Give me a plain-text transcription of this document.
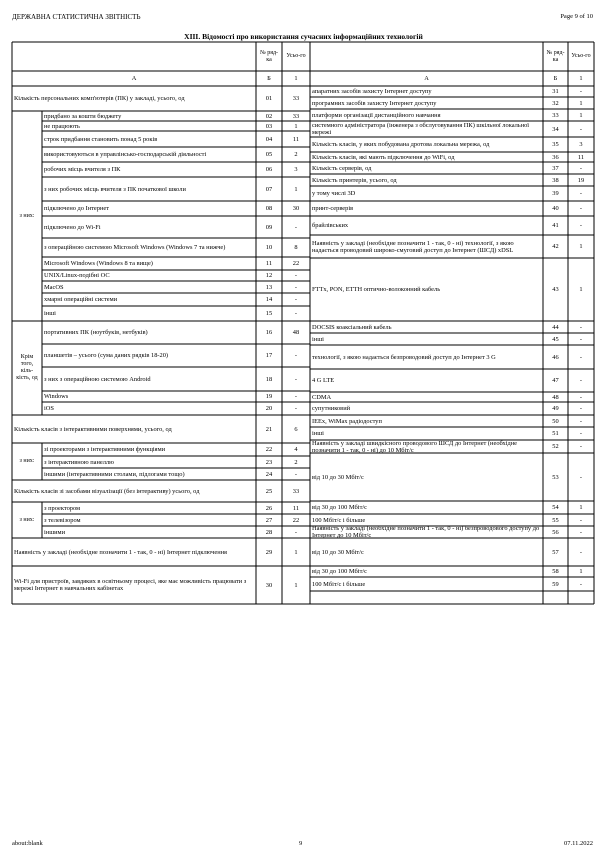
ДЕРЖАВНА СТАТИСТИЧНА ЗВІТНІСТЬ	Page 9 of 10
XIII. Відомості про використання сучасних інформаційних технологій
№ ряд-ка
Усьо-го
№ ряд-ка
Усьо-го
А	Б	1	А	Б	1
з них:
Крім того, кіль-кість, од
з них:
з них:
Кількість персональних комп'ютерів (ПК) у закладі, усього, од	01	33
придбано за кошти бюджету	02	33
не працюють	03	1
строк придбання становить понад 5 років	04	11
використовуються в управлінсько-господарській діяльності	05	2
робочих місць вчителя з ПК	06	3
з них робочих місць вчителя з ПК початкової школи	07	1
підключено до Інтернет	08	30
підключено до Wi-Fi	09	-
з операційною системою Microsoft Windows (Windows 7 та нижче)	10	8
Microsoft Windows (Windows 8 та вище)	11	22
UNIX/Linux-подібні ОС	12	-
MacOS	13	-
хмарні операційні системи	14	-
інші	15	-
портативних ПК (ноутбуків, нетбуків)	16	48
планшетів – усього (сума даних рядків 18-20)	17	-
з них з операційною системою Android	18	-
Windows	19	-
iOS	20	-
Кількість класів з інтерактивними поверхнями, усього, од	21	6
зі проекторами з інтерактивними функціями	22	4
з інтерактивною панеллю	23	2
іншими (інтерактивними столами, підлогами тощо)	24	-
Кількість класів зі засобами візуалізації (без інтерактиву) усього, од	25	33
з проектором	26	11
з телевізором	27	22
іншими	28	-
Наявність у закладі (необхідне позначити 1 - так, 0 - ні) Інтернет підключення	29	1
Wi-Fi для пристроїв, завдяких в освітньому процесі, яке має можливість працювати з мережі Інтернет в навчальних кабінетах	30	1
апаратних засобів захисту Інтернет доступу	31	-
програмних засобів захисту Інтернет доступу	32	1
платформи організації дистанційного навчання	33	1
системного адміністратора (інженера з обслуговування ПК) шкільної локальної мережі	34	-
Кількість класів, у яких побудована дротова локальна мережа, од	35	3
Кількість класів, які мають підключення до WiFi, од	36	11
Кількість серверів, од	37	-
Кількість принтерів, усього, од	38	19
у тому числі 3D	39	-
принт-серверів	40	-
брайлівських	41	-
Наявність у закладі (необхідне позначити 1 - так, 0 - ні) технології, з якою надається проводовий широко-смуговий доступ до Інтернет (ШСД) xDSL	42	1
FTTx, PON, ETTH оптично-волоконний кабель	43	1
DOCSIS коаксіальний кабель	44	-
інші	45	-
технології, з якою надається безпроводовий доступ до Інтернет 3 G	46	-
4 G LTE	47	-
CDMA	48	-
супутниковий	49	-
IEEx, WiMax радіодоступ	50	-
інші	51	-
Наявність у закладі швидкісного проводового ШСД до Інтернет (необхідне позначити 1 - так, 0 - ні) до 10 Мбіт/с	52	-
від 10 до 30 Мбіт/с	53	-
від 30 до 100 Мбіт/с	54	1
100 Мбіт/с і більше	55	-
Наявність у закладі (необхідне позначити 1 - так, 0 - ні) безпроводового доступу до Інтернет до 10 Мбіт/с	56	-
від 10 до 30 Мбіт/с	57	-
від 30 до 100 Мбіт/с	58	1
100 Мбіт/с і більше	59	-
about:blank	9	07.11.2022
